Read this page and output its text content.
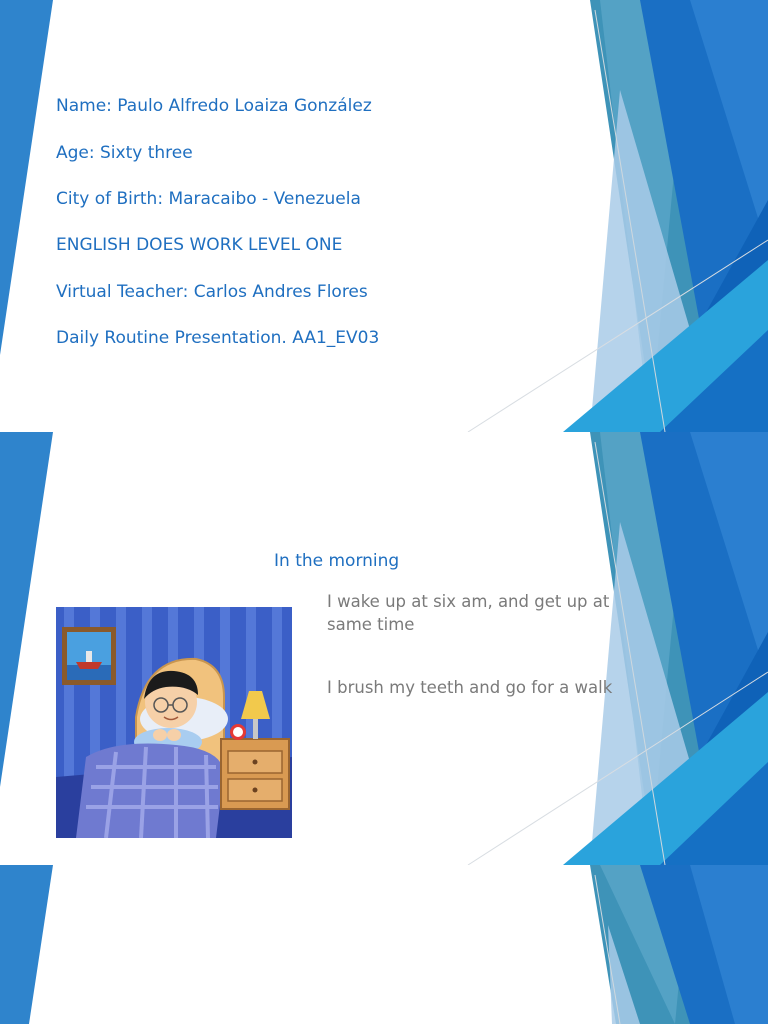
Name: Paulo Alfredo Loaiza González

Age: Sixty three

City of Birth: Maracaibo - Venezuela

ENGLISH DOES WORK LEVEL ONE

Virtual Teacher: Carlos Andres Flores

Daily Routine Presentation. AA1_EV03

In the morning

I wake up at six am, and get up at same time

I brush my teeth and go for a walk
